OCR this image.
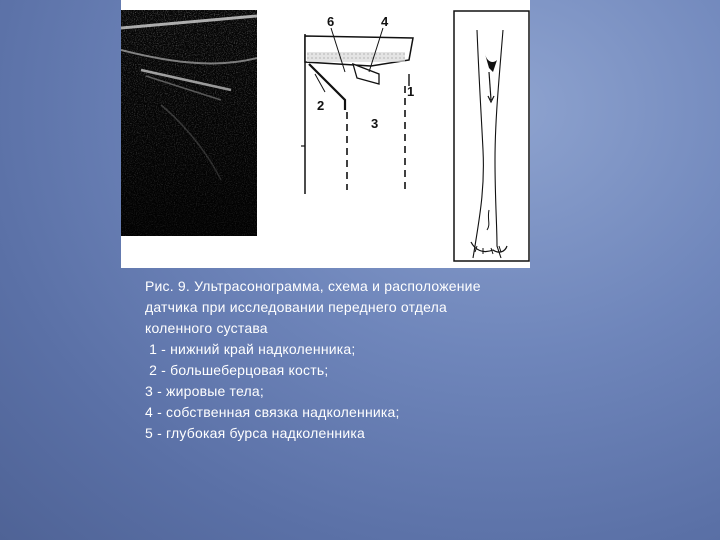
6	4
2
3
1
Рис. 9. Ультрасонограмма, схема и расположение
датчика при исследовании переднего отдела
коленного сустава
1 - нижний край надколенника;
2 - большеберцовая кость;
3 - жировые тела;
4 - собственная связка надколенника;
5 - глубокая бурса надколенника
